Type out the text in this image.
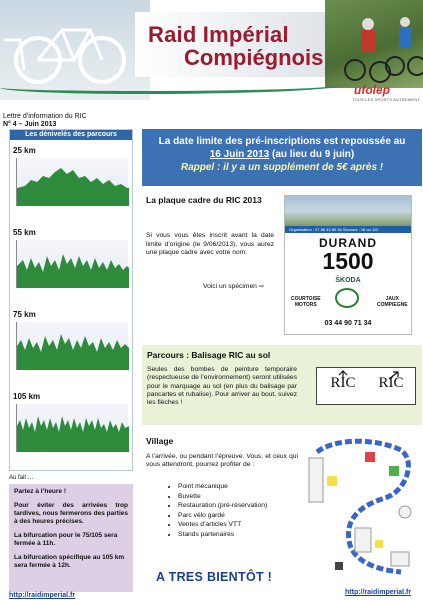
Raid Impérial
Compiégnois
ufolep
TOUS LES SPORTS AUTREMENT
Lettre d’information du RIC
N° 4 – Juin 2013
Les dénivelés des parcours
25 km
55 km
75 km
105 km
Au fait …

Partez à l’heure !

Pour éviter des arrivées trop tardives, nous fermerons des parties à des heures précises.

La bifurcation pour le 75/105 sera fermée à 11h.

La bifurcation spécifique au 105 km sera fermée à 12h.

http://raidimperial.fr
La date limite des pré-inscriptions est repoussée au
16 Juin 2013 (au lieu du 9 juin)
Rappel : il y a un supplément de 5€ après !
La plaque cadre du RIC 2013
Si vous vous êtes inscrit avant la date limite d’origine (le 9/06/2013), vous aurez une plaque cadre avec votre nom.
Voici un spécimen ⇨
Organisation : 07 86 43 80 36 Secours : 18 ou 112
DURAND
1500
ŠKODA
COURTOISE
MOTORS
JAUX
COMPIEGNE
03 44 90 71 34
Parcours : Balisage RIC au sol
Seules des bombes de peinture temporaire (respectueuse de l’environnement) seront utilisées pour le marquage au sol (en plus du balisage par pancartes et rubalise). Pour arriver au bout, suivez les flèches !
RIC	RIC
Village
A l’arrivée, ou pendant l’épreuve. Vous, et ceux qui vous attendront, pourrez profiter de :
• Point mécanique
• Buvette
• Restauration (pré-réservation)
• Parc vélo gardé
• Ventes d’articles VTT
• Stands partenaires
A TRES BIENTÔT !
http://raidimperial.fr
